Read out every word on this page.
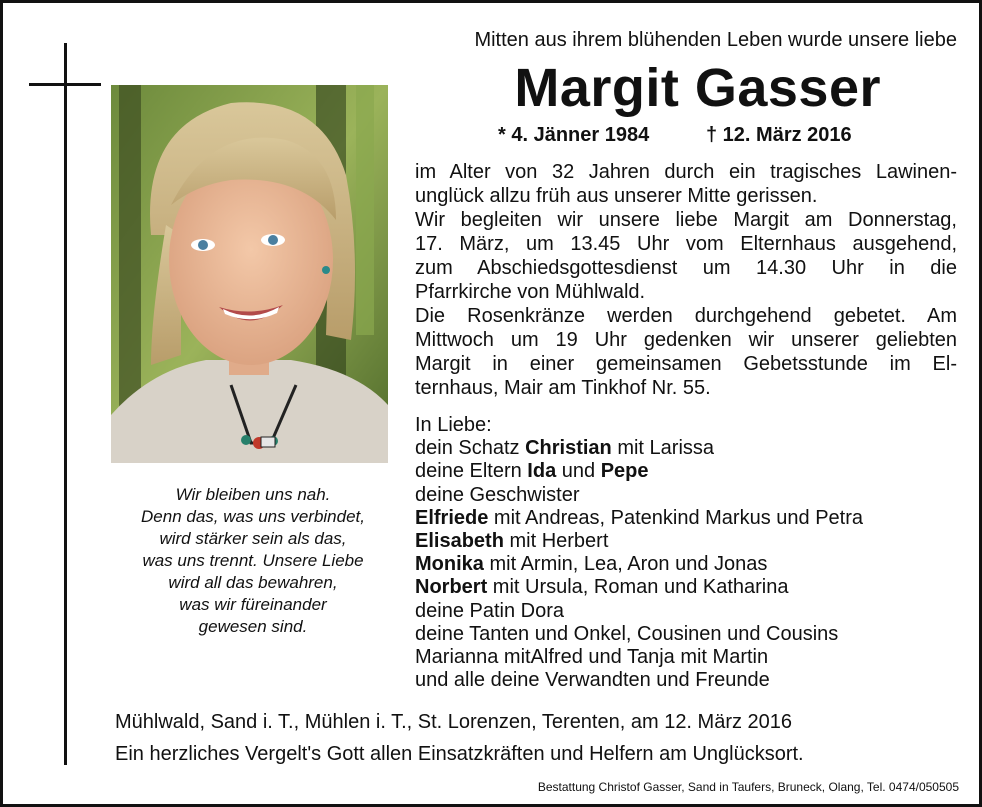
Wir bleiben uns nah.
Denn das, was uns verbindet,
wird stärker sein als das,
was uns trennt. Unsere Liebe
wird all das bewahren,
was wir füreinander
gewesen sind.
Mitten aus ihrem blühenden Leben wurde unsere liebe
Margit Gasser
* 4. Jänner 1984	† 12. März 2016
im Alter von 32 Jahren durch ein tragisches Lawinen-
unglück allzu früh aus unserer Mitte gerissen.
Wir begleiten wir unsere liebe Margit am Donnerstag,
17. März, um 13.45 Uhr vom Elternhaus ausgehend,
zum Abschiedsgottesdienst um 14.30 Uhr in die
Pfarrkirche von Mühlwald.
Die Rosenkränze werden durchgehend gebetet. Am
Mittwoch um 19 Uhr gedenken wir unserer geliebten
Margit in einer gemeinsamen Gebetsstunde im El-
ternhaus, Mair am Tinkhof Nr. 55.
In Liebe:
dein Schatz Christian mit Larissa
deine Eltern Ida und Pepe
deine Geschwister
Elfriede mit Andreas, Patenkind Markus und Petra
Elisabeth mit Herbert
Monika mit Armin, Lea, Aron und Jonas
Norbert mit Ursula, Roman und Katharina
deine Patin Dora
deine Tanten und Onkel, Cousinen und Cousins
Marianna mitAlfred und Tanja mit Martin
und alle deine Verwandten und Freunde
Mühlwald, Sand i. T., Mühlen i. T., St. Lorenzen, Terenten, am 12. März 2016
Ein herzliches Vergelt's Gott allen Einsatzkräften und Helfern am Unglücksort.
Bestattung Christof Gasser, Sand in Taufers, Bruneck, Olang, Tel. 0474/050505
